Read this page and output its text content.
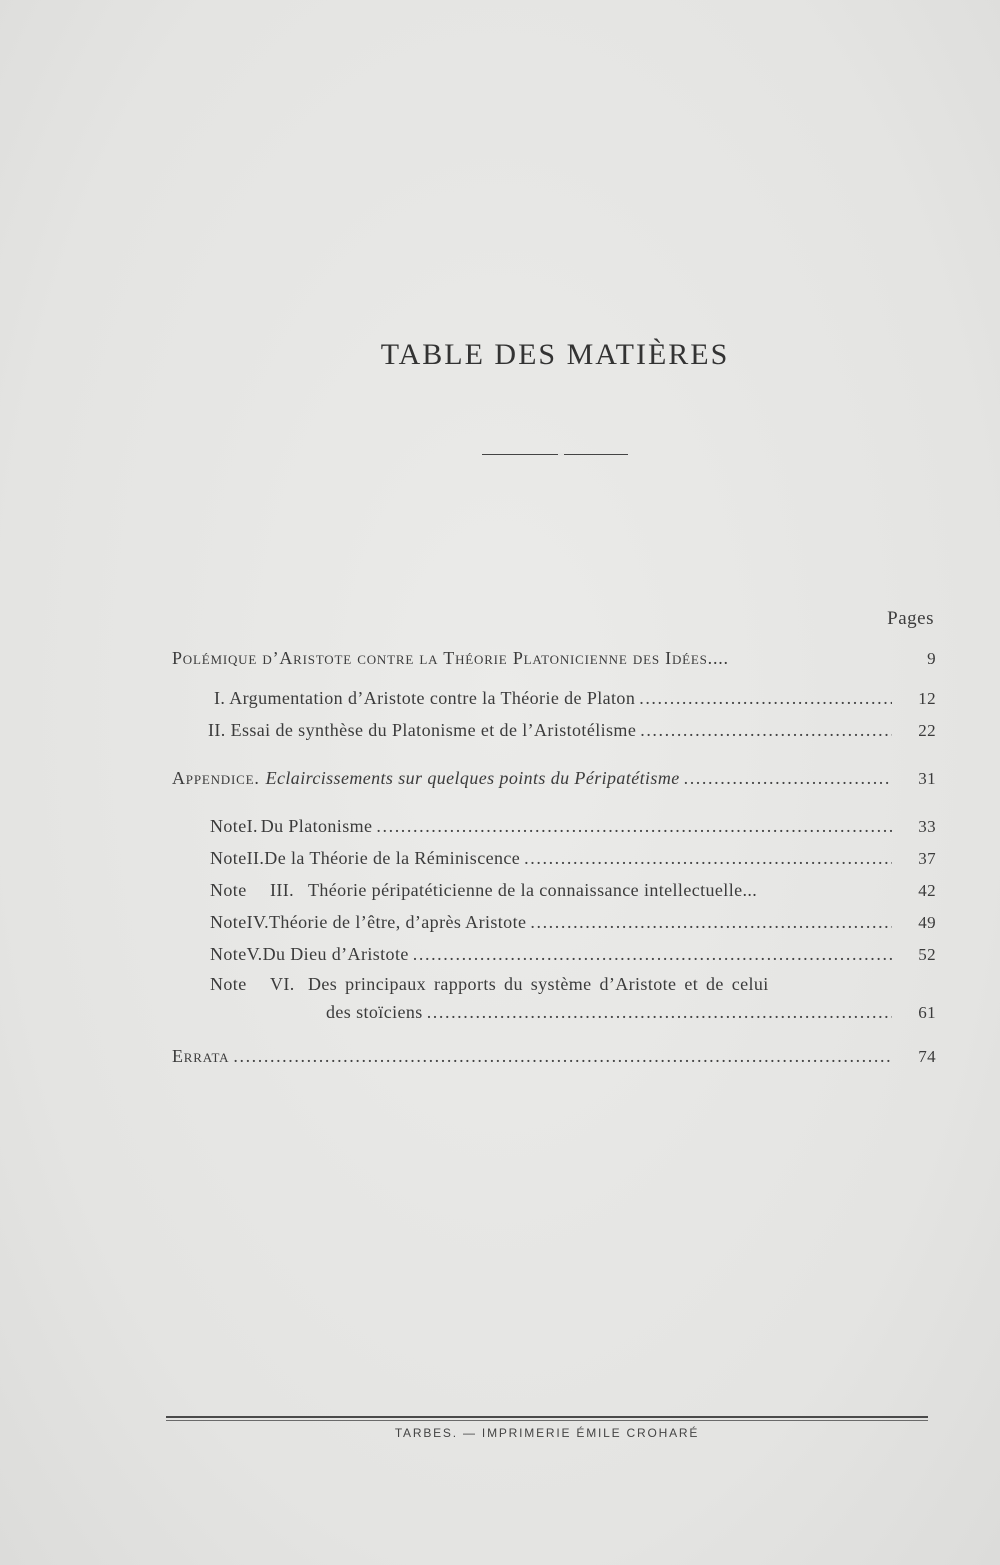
TABLE DES MATIÈRES
Pages
Polémique d’Aristote contre la Théorie Platonicienne des Idées....	9
I. Argumentation d’Aristote contre la Théorie de Platon .....	12
II. Essai de synthèse du Platonisme et de l’Aristotélisme .....	22
Appendice. Eclaircissements sur quelques points du Péripatétisme .....	31
Note I. Du Platonisme .....	33
Note II. De la Théorie de la Réminiscence .....	37
Note	III. Théorie péripatéticienne de la connaissance intellectuelle...	42
Note IV. Théorie de l’être, d’après Aristote .....	49
Note V. Du Dieu d’Aristote .....	52
Note	VI. Des principaux rapports du système d’Aristote et de celui
des stoïciens .....	61
Errata .....	74
TARBES. — IMPRIMERIE ÉMILE CROHARÉ
